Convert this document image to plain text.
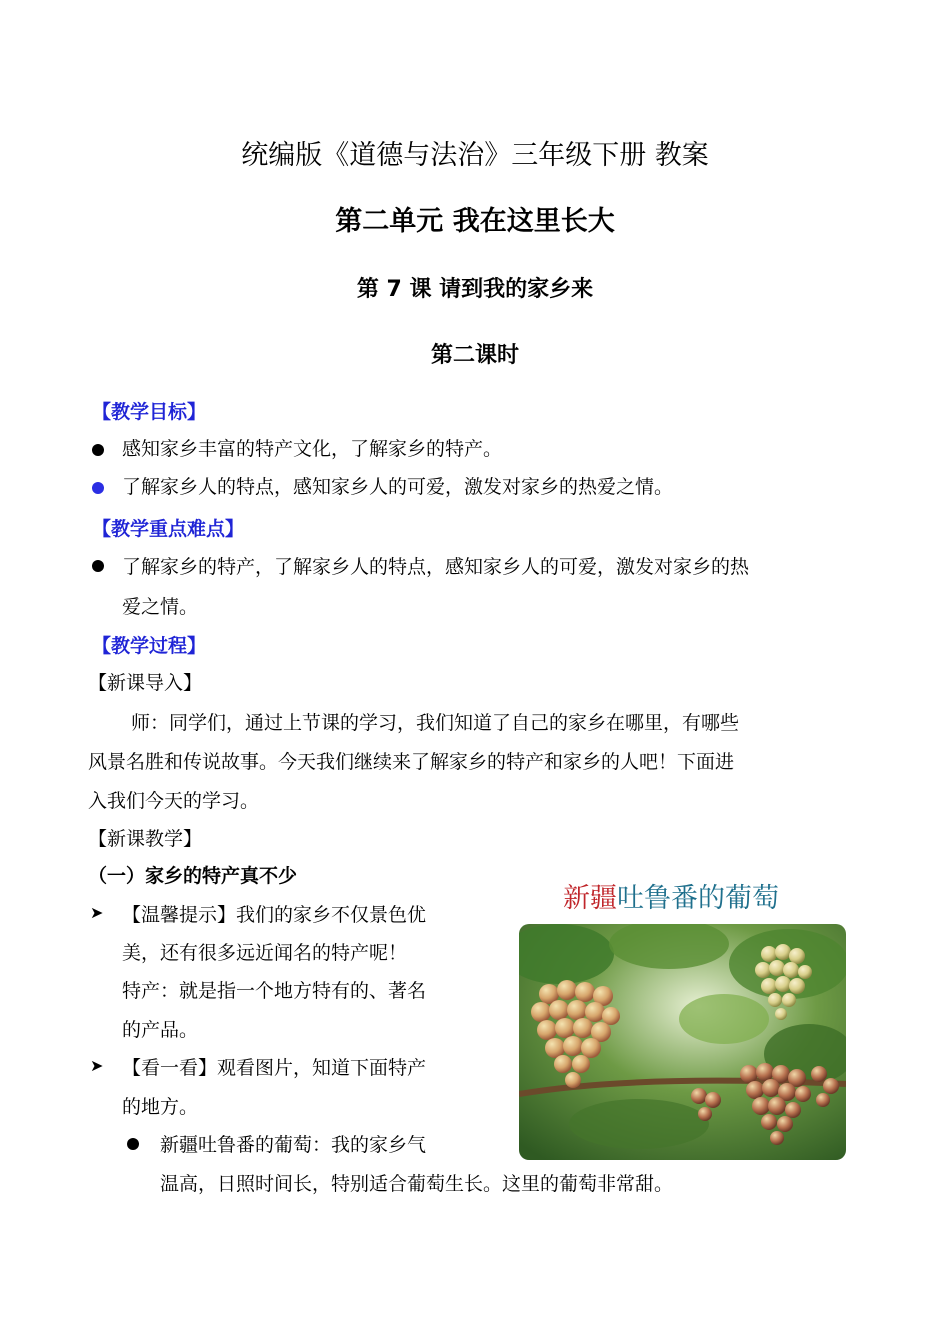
统编版《道德与法治》三年级下册 教案
第二单元 我在这里长大
第 7 课 请到我的家乡来
第二课时
【教学目标】
感知家乡丰富的特产文化，了解家乡的特产。
了解家乡人的特点，感知家乡人的可爱，激发对家乡的热爱之情。
【教学重点难点】
了解家乡的特产，了解家乡人的特点，感知家乡人的可爱，激发对家乡的热
爱之情。
【教学过程】
【新课导入】
师：同学们，通过上节课的学习，我们知道了自己的家乡在哪里，有哪些
风景名胜和传说故事。今天我们继续来了解家乡的特产和家乡的人吧！下面进
入我们今天的学习。
【新课教学】
（一）家乡的特产真不少
➤ 【温馨提示】我们的家乡不仅景色优
美，还有很多远近闻名的特产呢！
特产：就是指一个地方特有的、著名
的产品。
➤ 【看一看】观看图片，知道下面特产
的地方。
新疆吐鲁番的葡萄：我的家乡气
温高，日照时间长，特别适合葡萄生长。这里的葡萄非常甜。
新疆吐鲁番的葡萄
